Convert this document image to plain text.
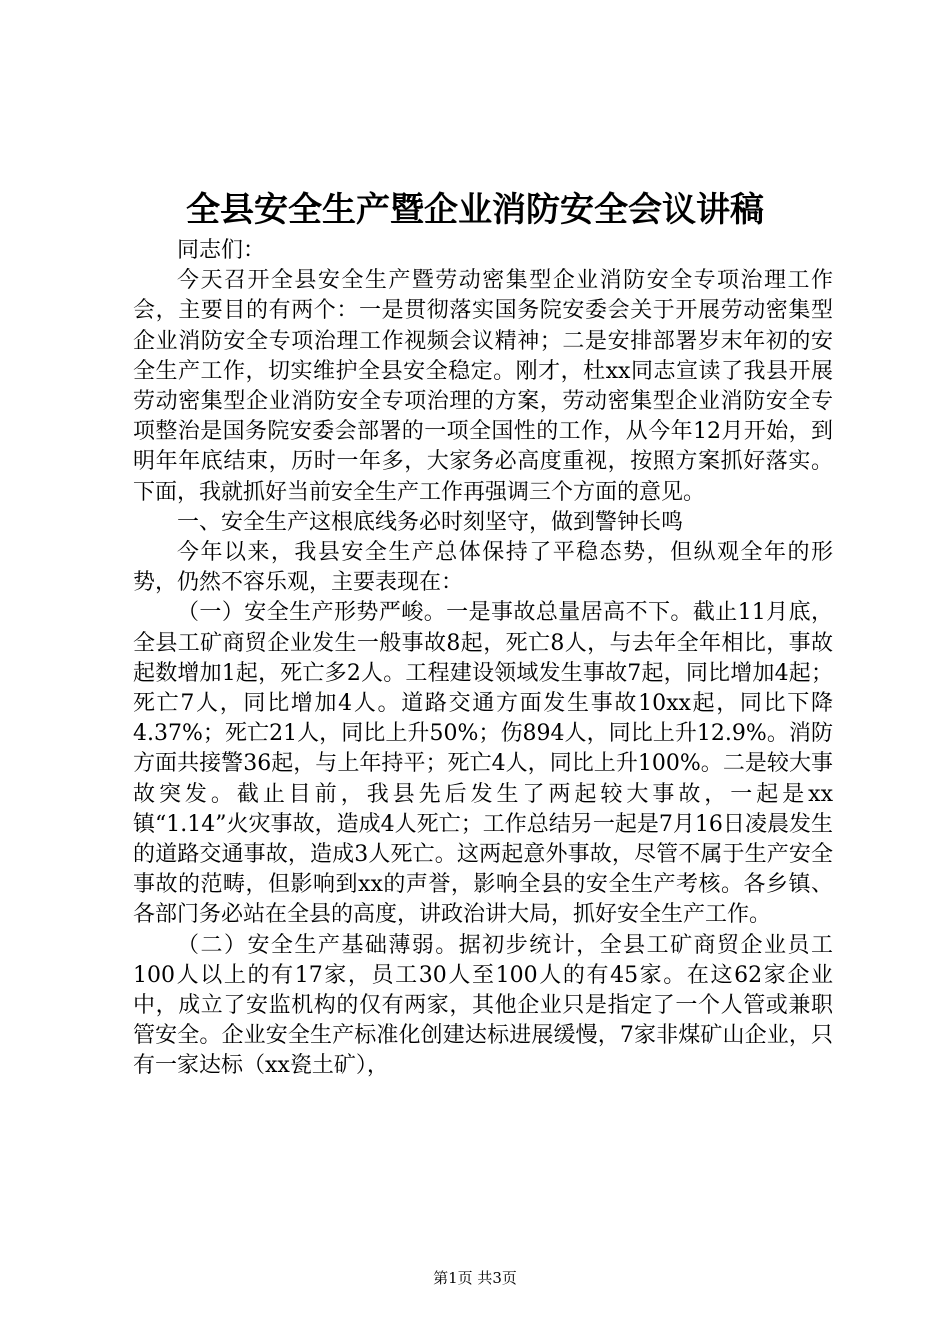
全县安全生产暨企业消防安全会议讲稿

同志们：

今天召开全县安全生产暨劳动密集型企业消防安全专项治理工作会，主要目的有两个：一是贯彻落实国务院安委会关于开展劳动密集型企业消防安全专项治理工作视频会议精神；二是安排部署岁末年初的安全生产工作，切实维护全县安全稳定。刚才，杜xx同志宣读了我县开展劳动密集型企业消防安全专项治理的方案，劳动密集型企业消防安全专项整治是国务院安委会部署的一项全国性的工作，从今年12月开始，到明年年底结束，历时一年多，大家务必高度重视，按照方案抓好落实。下面，我就抓好当前安全生产工作再强调三个方面的意见。

一、安全生产这根底线务必时刻坚守，做到警钟长鸣

今年以来，我县安全生产总体保持了平稳态势，但纵观全年的形势，仍然不容乐观，主要表现在：

（一）安全生产形势严峻。一是事故总量居高不下。截止11月底，全县工矿商贸企业发生一般事故8起，死亡8人，与去年全年相比，事故起数增加1起，死亡多2人。工程建设领域发生事故7起，同比增加4起；死亡7人，同比增加4人。道路交通方面发生事故10xx起，同比下降4.37%；死亡21人，同比上升50%；伤894人，同比上升12.9%。消防方面共接警36起，与上年持平；死亡4人，同比上升100%。二是较大事故突发。截止目前，我县先后发生了两起较大事故，一起是xx镇“1.14”火灾事故，造成4人死亡；工作总结另一起是7月16日凌晨发生的道路交通事故，造成3人死亡。这两起意外事故，尽管不属于生产安全事故的范畴，但影响到xx的声誉，影响全县的安全生产考核。各乡镇、各部门务必站在全县的高度，讲政治讲大局，抓好安全生产工作。

（二）安全生产基础薄弱。据初步统计，全县工矿商贸企业员工100人以上的有17家，员工30人至100人的有45家。在这62家企业中，成立了安监机构的仅有两家，其他企业只是指定了一个人管或兼职管安全。企业安全生产标准化创建达标进展缓慢，7家非煤矿山企业，只有一家达标（xx瓷土矿），

第1页 共3页
